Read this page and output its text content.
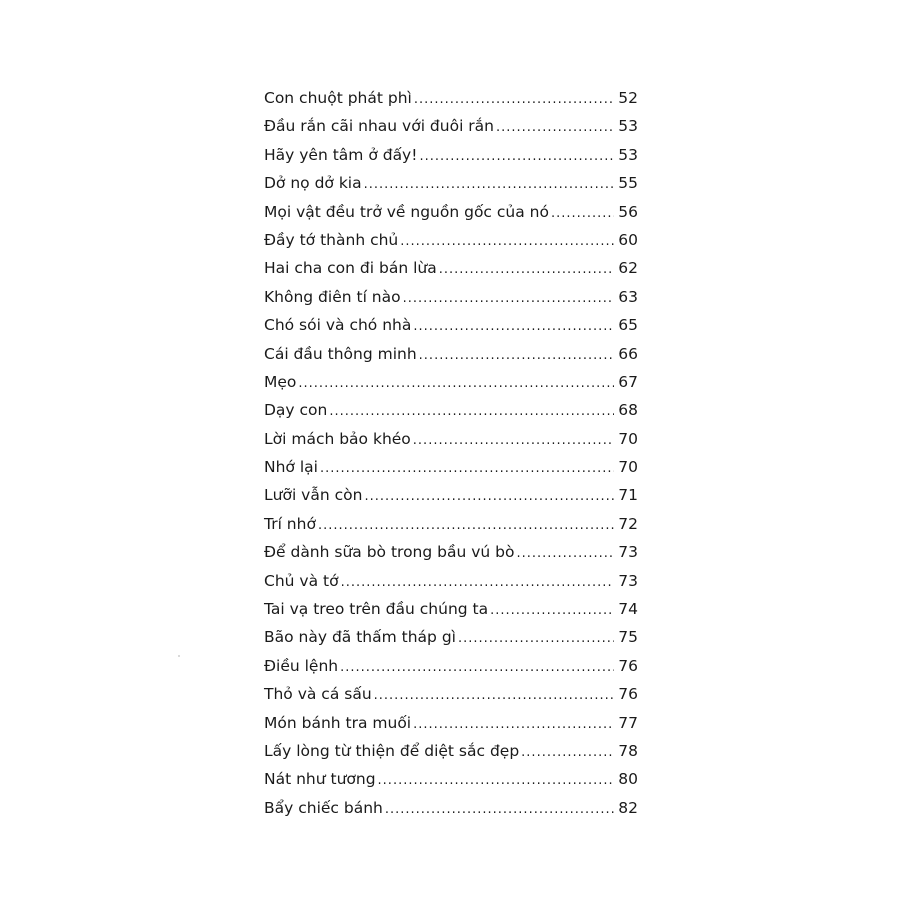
Con chuột phát phì .....	52
Đầu rắn cãi nhau với đuôi rắn .....	53
Hãy yên tâm ở đấy! .....	53
Dở nọ dở kia .....	55
Mọi vật đều trở về nguồn gốc của nó .....	56
Đầy tớ thành chủ .....	60
Hai cha con đi bán lừa .....	62
Không điên tí nào .....	63
Chó sói và chó nhà .....	65
Cái đầu thông minh .....	66
Mẹo .....	67
Dạy con .....	68
Lời mách bảo khéo .....	70
Nhớ lại .....	70
Lưỡi vẫn còn .....	71
Trí nhớ .....	72
Để dành sữa bò trong bầu vú bò .....	73
Chủ và tớ .....	73
Tai vạ treo trên đầu chúng ta .....	74
Bão này đã thấm tháp gì .....	75
Điều lệnh .....	76
Thỏ và cá sấu .....	76
Món bánh tra muối .....	77
Lấy lòng từ thiện để diệt sắc đẹp .....	78
Nát như tương .....	80
Bẩy chiếc bánh .....	82
